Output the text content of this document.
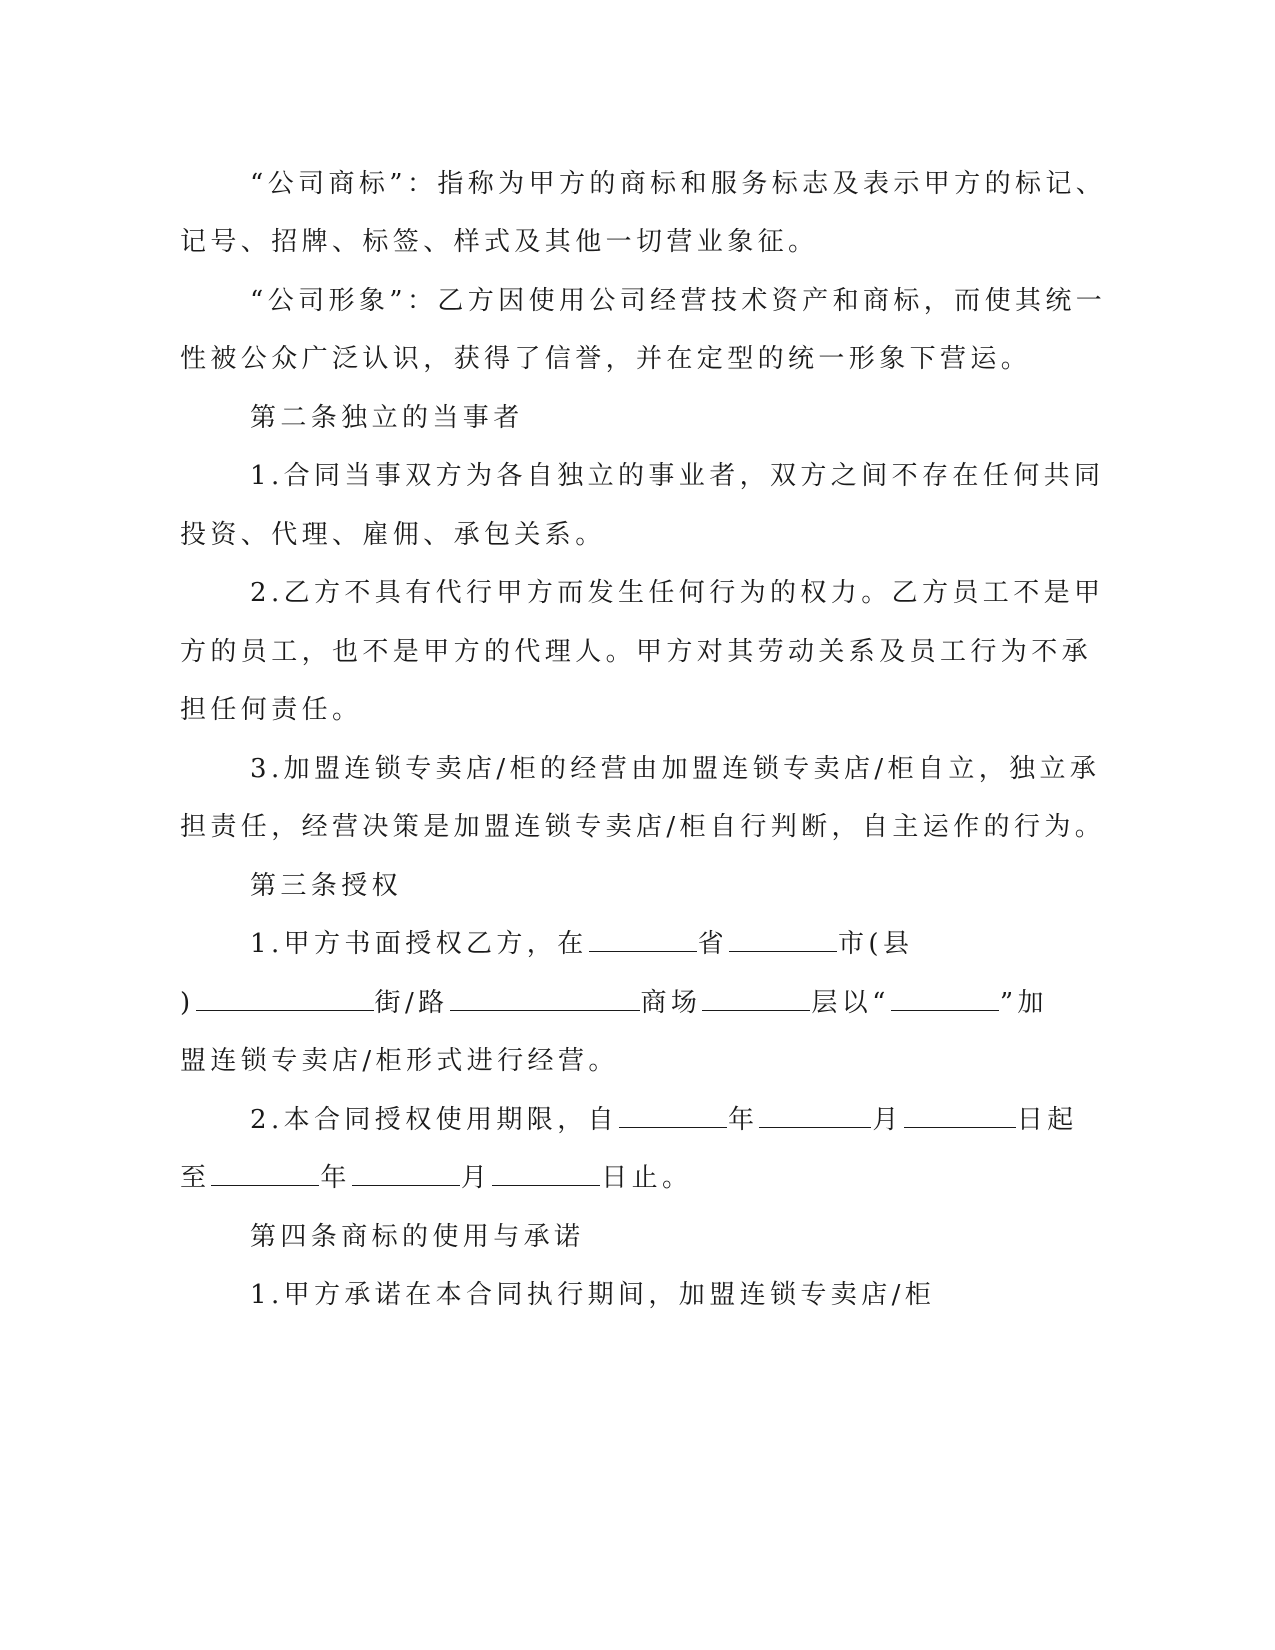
“公司商标”：指称为甲方的商标和服务标志及表示甲方的标记、
记号、招牌、标签、样式及其他一切营业象征。
“公司形象”：乙方因使用公司经营技术资产和商标，而使其统一
性被公众广泛认识，获得了信誉，并在定型的统一形象下营运。
第二条独立的当事者
1.合同当事双方为各自独立的事业者，双方之间不存在任何共同
投资、代理、雇佣、承包关系。
2.乙方不具有代行甲方而发生任何行为的权力。乙方员工不是甲
方的员工，也不是甲方的代理人。甲方对其劳动关系及员工行为不承
担任何责任。
3.加盟连锁专卖店/柜的经营由加盟连锁专卖店/柜自立，独立承
担责任，经营决策是加盟连锁专卖店/柜自行判断，自主运作的行为。
第三条授权
1.甲方书面授权乙方，在	省	市(县
)	街/路	商场	层以“	”加
盟连锁专卖店/柜形式进行经营。
2.本合同授权使用期限，自	年	月	日起
至	年	月	日止。
第四条商标的使用与承诺
1.甲方承诺在本合同执行期间，加盟连锁专卖店/柜
